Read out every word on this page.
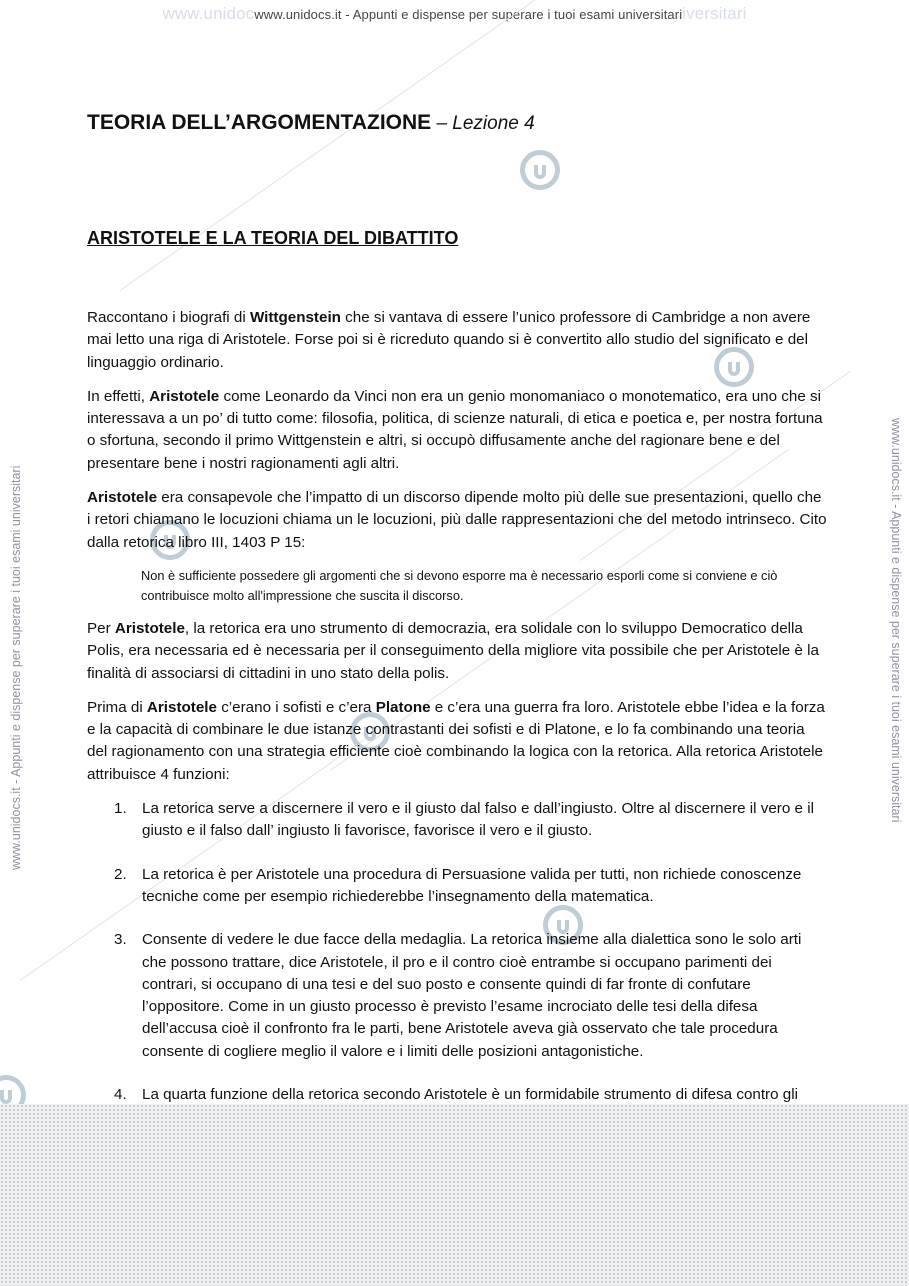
www.unidocwww.unidocs.it - Appunti e dispense per superare i tuoi esami universitariiversitari
www.unidocs.it - Appunti e dispense per superare i tuoi esami universitari	www.unidocs.it - Appunti e dispense per superare i tuoi esami universitari
TEORIA DELL’ARGOMENTAZIONE – Lezione 4
ARISTOTELE E LA TEORIA DEL DIBATTITO

Raccontano i biografi di Wittgenstein che si vantava di essere l’unico professore di Cambridge a non avere mai letto una riga di Aristotele. Forse poi si è ricreduto quando si è convertito allo studio del significato e del linguaggio ordinario.

In effetti, Aristotele come Leonardo da Vinci non era un genio monomaniaco o monotematico, era uno che si interessava a un po’ di tutto come: filosofia, politica, di scienze naturali, di etica e poetica e, per nostra fortuna o sfortuna, secondo il primo Wittgenstein e altri, si occupò diffusamente anche del ragionare bene e del presentare bene i nostri ragionamenti agli altri.

Aristotele era consapevole che l’impatto di un discorso dipende molto più delle sue presentazioni, quello che i retori chiamano le locuzioni chiama un le locuzioni, più dalle rappresentazioni che del metodo intrinseco. Cito dalla retorica libro III, 1403 P 15:

Non è sufficiente possedere gli argomenti che si devono esporre ma è necessario esporli come si conviene e ciò contribuisce molto all'impressione che suscita il discorso.

Per Aristotele, la retorica era uno strumento di democrazia, era solidale con lo sviluppo Democratico della Polis, era necessaria ed è necessaria per il conseguimento della migliore vita possibile che per Aristotele è la finalità di associarsi di cittadini in uno stato della polis.

Prima di Aristotele c’erano i sofisti e c’era Platone e c’era una guerra fra loro. Aristotele ebbe l’idea e la forza e la capacità di combinare le due istanze contrastanti dei sofisti e di Platone, e lo fa combinando una teoria del ragionamento con una strategia efficiente cioè combinando la logica con la retorica. Alla retorica Aristotele attribuisce 4 funzioni:

1. La retorica serve a discernere il vero e il giusto dal falso e dall’ingiusto. Oltre al discernere il vero e il giusto e il falso dall’ ingiusto li favorisce, favorisce il vero e il giusto.
2. La retorica è per Aristotele una procedura di Persuasione valida per tutti, non richiede conoscenze tecniche come per esempio richiederebbe l’insegnamento della matematica.
3. Consente di vedere le due facce della medaglia. La retorica insieme alla dialettica sono le solo arti che possono trattare, dice Aristotele, il pro e il contro cioè entrambe si occupano parimenti dei contrari, si occupano di una tesi e del suo posto e consente quindi di far fronte di confutare l’oppositore. Come in un giusto processo è previsto l’esame incrociato delle tesi della difesa dell’accusa cioè il confronto fra le parti, bene Aristotele aveva già osservato che tale procedura consente di cogliere meglio il valore e i limiti delle posizioni antagonistiche.
4. La quarta funzione della retorica secondo Aristotele è un formidabile strumento di difesa contro gli
